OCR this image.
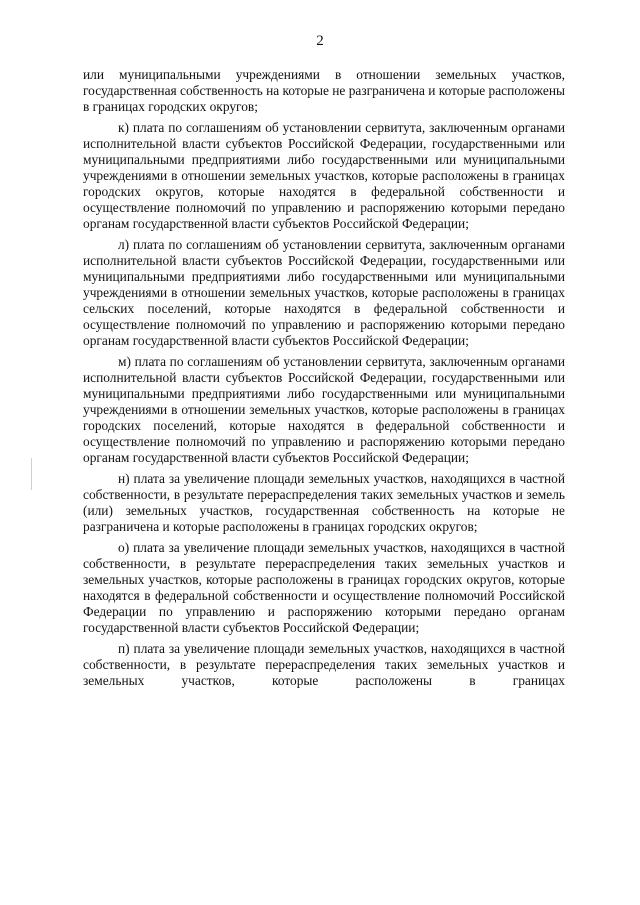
2

или муниципальными учреждениями в отношении земельных участков, государственная собственность на которые не разграничена и которые расположены в границах городских округов;

к) плата по соглашениям об установлении сервитута, заключенным органами исполнительной власти субъектов Российской Федерации, государственными или муниципальными предприятиями либо государственными или муниципальными учреждениями в отношении земельных участков, которые расположены в границах городских округов, которые находятся в федеральной собственности и осуществление полномочий по управлению и распоряжению которыми передано органам государственной власти субъектов Российской Федерации;

л) плата по соглашениям об установлении сервитута, заключенным органами исполнительной власти субъектов Российской Федерации, государственными или муниципальными предприятиями либо государственными или муниципальными учреждениями в отношении земельных участков, которые расположены в границах сельских поселений, которые находятся в федеральной собственности и осуществление полномочий по управлению и распоряжению которыми передано органам государственной власти субъектов Российской Федерации;

м) плата по соглашениям об установлении сервитута, заключенным органами исполнительной власти субъектов Российской Федерации, государственными или муниципальными предприятиями либо государственными или муниципальными учреждениями в отношении земельных участков, которые расположены в границах городских поселений, которые находятся в федеральной собственности и осуществление полномочий по управлению и распоряжению которыми передано органам государственной власти субъектов Российской Федерации;

н) плата за увеличение площади земельных участков, находящихся в частной собственности, в результате перераспределения таких земельных участков и земель (или) земельных участков, государственная собственность на которые не разграничена и которые расположены в границах городских округов;

о) плата за увеличение площади земельных участков, находящихся в частной собственности, в результате перераспределения таких земельных участков и земельных участков, которые расположены в границах городских округов, которые находятся в федеральной собственности и осуществление полномочий Российской Федерации по управлению и распоряжению которыми передано органам государственной власти субъектов Российской Федерации;

п) плата за увеличение площади земельных участков, находящихся в частной собственности, в результате перераспределения таких земельных участков и земельных участков, которые расположены в границах
